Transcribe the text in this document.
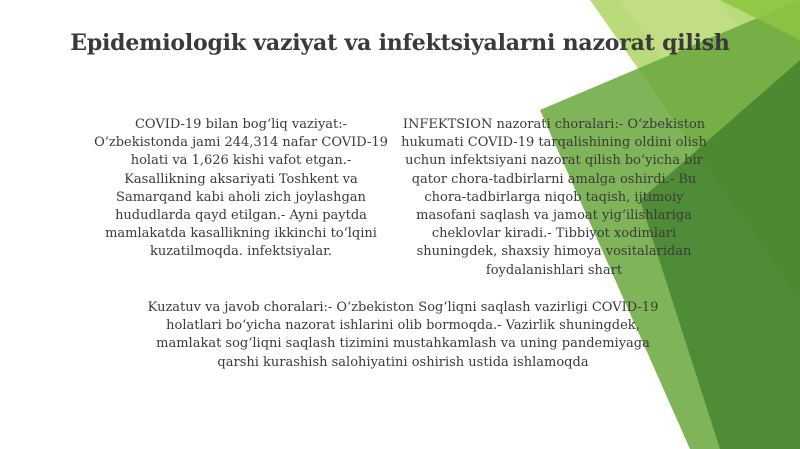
Epidemiologik vaziyat va infektsiyalarni nazorat qilish
COVID-19 bilan bog‘liq vaziyat:- O‘zbekistonda jami 244,314 nafar COVID-19 holati va 1,626 kishi vafot etgan.- Kasallikning aksariyati Toshkent va Samarqand kabi aholi zich joylashgan hududlarda qayd etilgan.- Ayni paytda mamlakatda kasallikning ikkinchi to‘lqini kuzatilmoqda. infektsiyalar.
INFEKTSION nazorati choralari:- O‘zbekiston hukumati COVID-19 tarqalishining oldini olish uchun infektsiyani nazorat qilish bo‘yicha bir qator chora-tadbirlarni amalga oshirdi.- Bu chora-tadbirlarga niqob taqish, ijtimoiy masofani saqlash va jamoat yig‘ilishlariga cheklovlar kiradi.- Tibbiyot xodimlari shuningdek, shaxsiy himoya vositalaridan foydalanishlari shart
Kuzatuv va javob choralari:- O‘zbekiston Sog‘liqni saqlash vazirligi COVID-19 holatlari bo‘yicha nazorat ishlarini olib bormoqda.- Vazirlik shuningdek, mamlakat sog‘liqni saqlash tizimini mustahkamlash va uning pandemiyaga qarshi kurashish salohiyatini oshirish ustida ishlamoqda
